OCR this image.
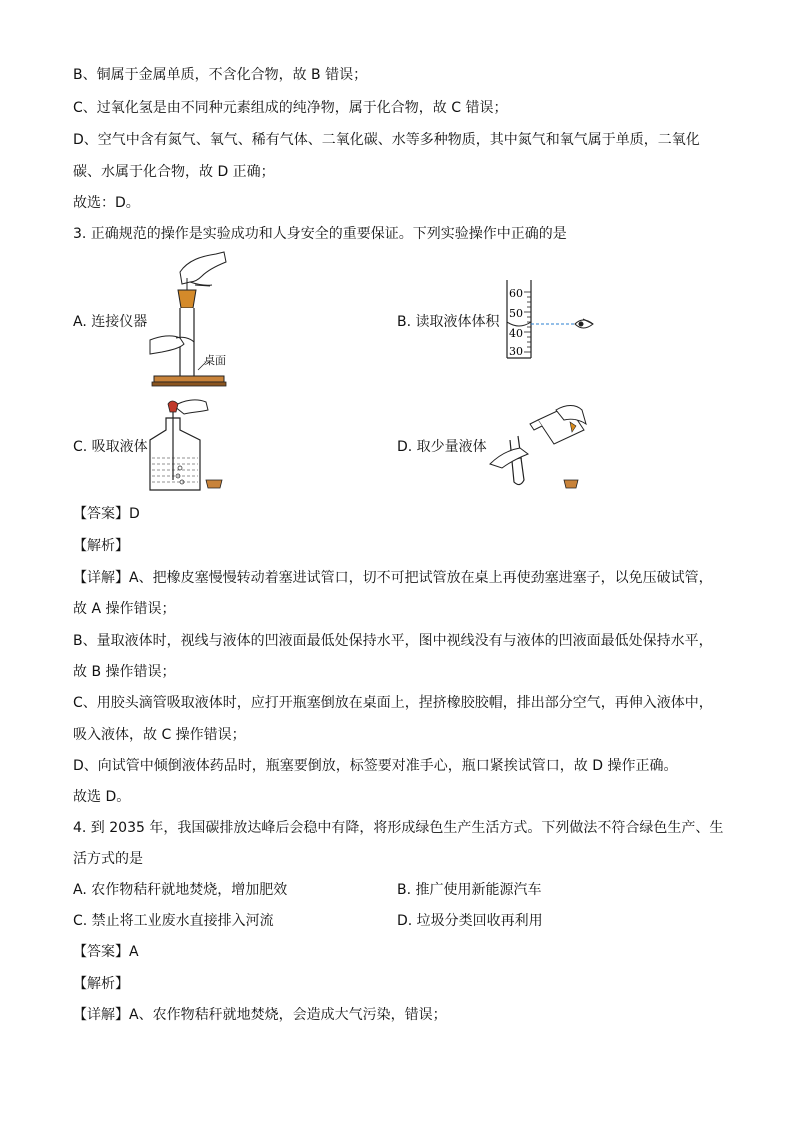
B、铜属于金属单质，不含化合物，故 B 错误；
C、过氧化氢是由不同种元素组成的纯净物，属于化合物，故 C 错误；
D、空气中含有氮气、氧气、稀有气体、二氧化碳、水等多种物质，其中氮气和氧气属于单质，二氧化
碳、水属于化合物，故 D 正确；
故选：D。
3. 正确规范的操作是实验成功和人身安全的重要保证。下列实验操作中正确的是
A. 连接仪器	B. 读取液体体积
C. 吸取液体	D. 取少量液体
桌面
60
50
40
30
【答案】D
【解析】
【详解】A、把橡皮塞慢慢转动着塞进试管口，切不可把试管放在桌上再使劲塞进塞子，以免压破试管，
故 A 操作错误；
B、量取液体时，视线与液体的凹液面最低处保持水平，图中视线没有与液体的凹液面最低处保持水平，
故 B 操作错误；
C、用胶头滴管吸取液体时，应打开瓶塞倒放在桌面上，捏挤橡胶胶帽，排出部分空气，再伸入液体中，
吸入液体，故 C 操作错误；
D、向试管中倾倒液体药品时，瓶塞要倒放，标签要对准手心，瓶口紧挨试管口，故 D 操作正确。
故选 D。
4. 到 2035 年，我国碳排放达峰后会稳中有降，将形成绿色生产生活方式。下列做法不符合绿色生产、生
活方式的是
A. 农作物秸秆就地焚烧，增加肥效	B. 推广使用新能源汽车
C. 禁止将工业废水直接排入河流	D. 垃圾分类回收再利用
【答案】A
【解析】
【详解】A、农作物秸秆就地焚烧，会造成大气污染，错误；
